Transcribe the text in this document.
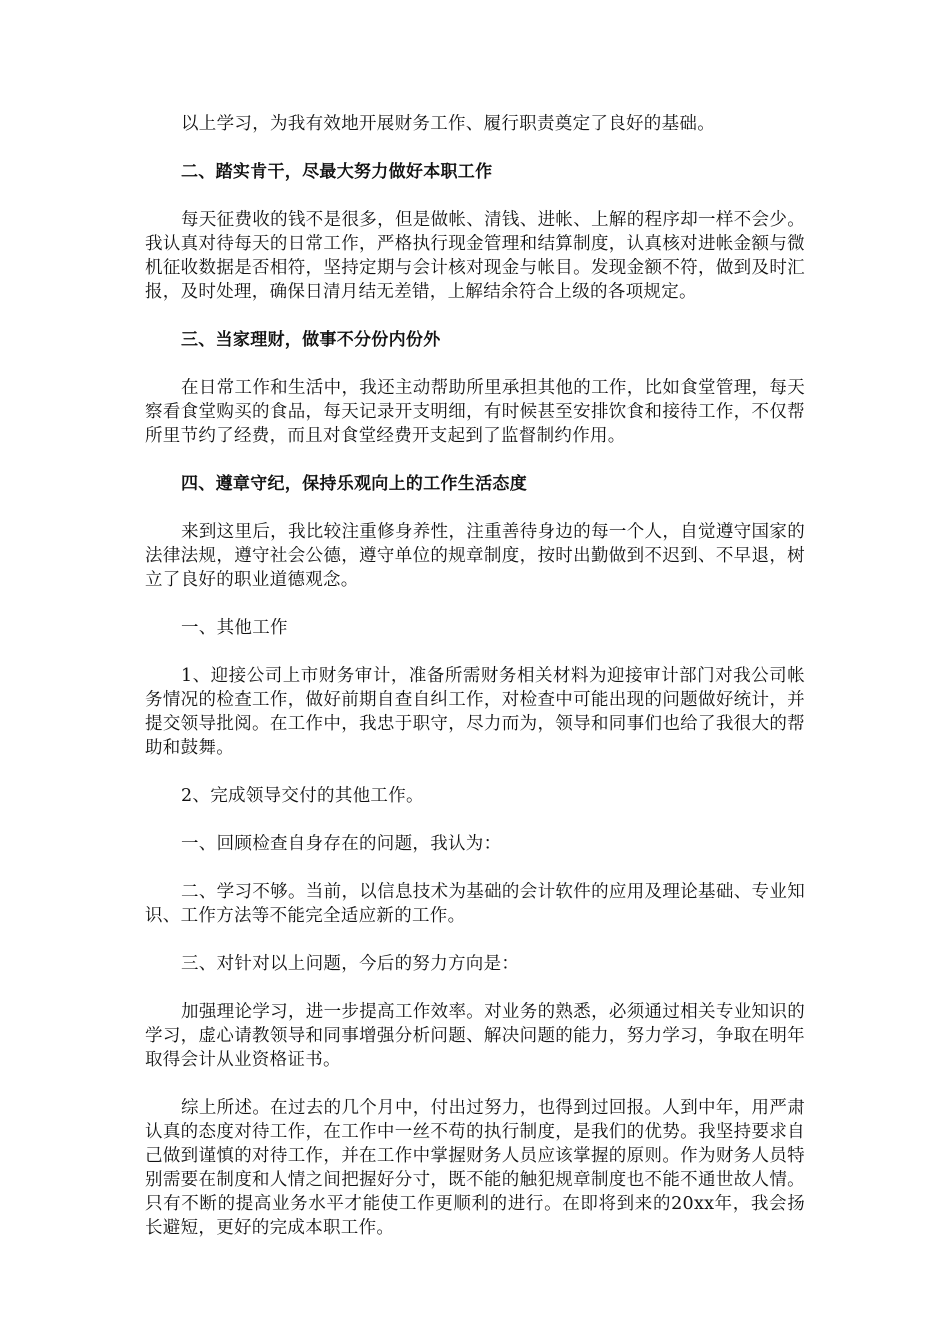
以上学习，为我有效地开展财务工作、履行职责奠定了良好的基础。

二、踏实肯干，尽最大努力做好本职工作

每天征费收的钱不是很多，但是做帐、清钱、进帐、上解的程序却一样不会少。我认真对待每天的日常工作，严格执行现金管理和结算制度，认真核对进帐金额与微机征收数据是否相符，坚持定期与会计核对现金与帐目。发现金额不符，做到及时汇报，及时处理，确保日清月结无差错，上解结余符合上级的各项规定。

三、当家理财，做事不分份内份外

在日常工作和生活中，我还主动帮助所里承担其他的工作，比如食堂管理，每天察看食堂购买的食品，每天记录开支明细，有时候甚至安排饮食和接待工作，不仅帮所里节约了经费，而且对食堂经费开支起到了监督制约作用。

四、遵章守纪，保持乐观向上的工作生活态度

来到这里后，我比较注重修身养性，注重善待身边的每一个人，自觉遵守国家的法律法规，遵守社会公德，遵守单位的规章制度，按时出勤做到不迟到、不早退，树立了良好的职业道德观念。

一、其他工作

1、迎接公司上市财务审计，准备所需财务相关材料为迎接审计部门对我公司帐务情况的检查工作，做好前期自查自纠工作，对检查中可能出现的问题做好统计，并提交领导批阅。在工作中，我忠于职守，尽力而为，领导和同事们也给了我很大的帮助和鼓舞。

2、完成领导交付的其他工作。

一、回顾检查自身存在的问题，我认为：

二、学习不够。当前，以信息技术为基础的会计软件的应用及理论基础、专业知识、工作方法等不能完全适应新的工作。

三、对针对以上问题，今后的努力方向是：

加强理论学习，进一步提高工作效率。对业务的熟悉，必须通过相关专业知识的学习，虚心请教领导和同事增强分析问题、解决问题的能力，努力学习，争取在明年取得会计从业资格证书。

综上所述。在过去的几个月中，付出过努力，也得到过回报。人到中年，用严肃认真的态度对待工作，在工作中一丝不苟的执行制度，是我们的优势。我坚持要求自己做到谨慎的对待工作，并在工作中掌握财务人员应该掌握的原则。作为财务人员特别需要在制度和人情之间把握好分寸，既不能的触犯规章制度也不能不通世故人情。只有不断的提高业务水平才能使工作更顺利的进行。在即将到来的20xx年，我会扬长避短，更好的完成本职工作。
